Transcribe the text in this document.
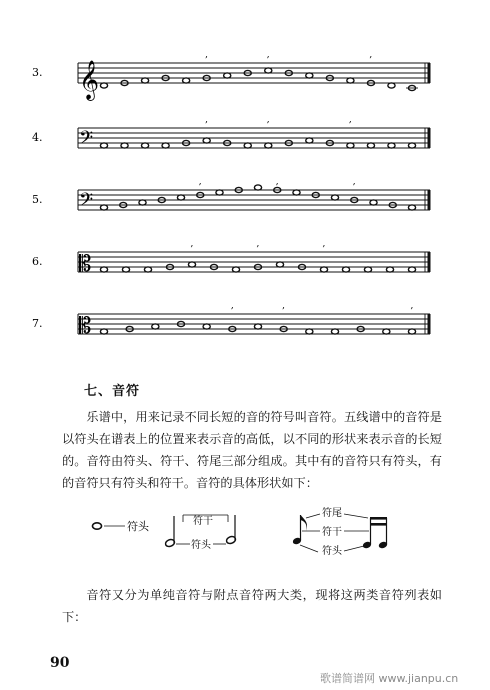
3. 𝄞
,	,	,
4. 𝄢
,	,	,
5. 𝄢
,	,	,
6. 𝄡
,	,	,
7. 𝄡
,	,	,
七、音符

乐谱中，用来记录不同长短的音的符号叫音符。五线谱中的音符是以符头在谱表上的位置来表示音的高低，以不同的形状来表示音的长短的。音符由符头、符干、符尾三部分组成。其中有的音符只有符头，有的音符只有符头和符干。音符的具体形状如下：

符头	符干
符头
符尾
符干
符头

音符又分为单纯音符与附点音符两大类，现将这两类音符列表如下：

90
歌谱简谱网 www.jianpu.cn
